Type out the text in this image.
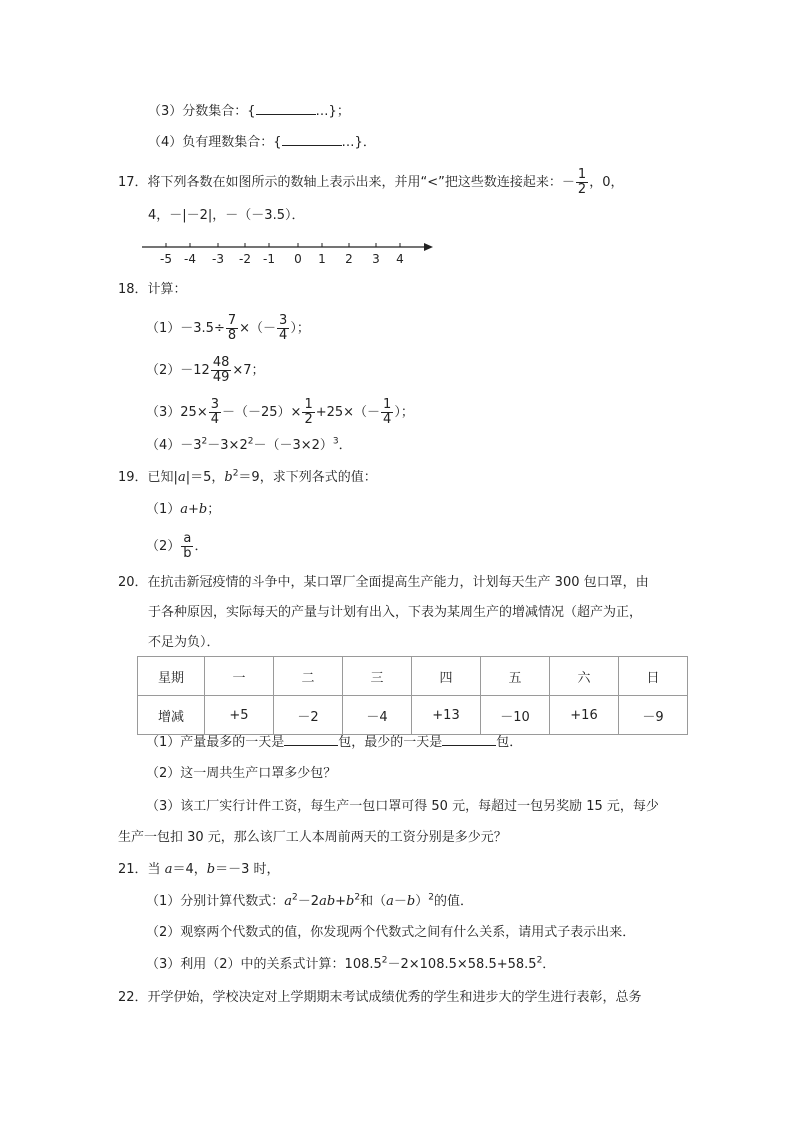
（3）分数集合：{	…}；
（4）负有理数集合：{	…}．
17．将下列各数在如图所示的数轴上表示出来，并用“<”把这些数连接起来：－ $\frac{1}{2}$ ，0，
4，－|－2|，－（－3.5）．
-5 -4 -3 -2 -1 0 1 2 3 4
18．计算：
$(1)-3.5\div \frac{7}{8}$ ×（－ $\frac{3}{4}$ ）；
$(2)-12 \frac{48}{49} \times 7$；
$(3)25\times \frac{3}{4} -(-25)\times \frac{1}{2} +25\times(- \frac{1}{4}$ ）；
$(4)-3^2-3\times 2^2-(-3\times 2)^3$．
19．已知|a|＝5，$b^2=9$，求下列各式的值：
（1）a+b；
$(2) \frac{a}{b}$ ．
20．在抗击新冠疫情的斗争中，某口罩厂全面提高生产能力，计划每天生产 300 包口罩，由
于各种原因，实际每天的产量与计划有出入，下表为某周生产的增减情况（超产为正，
不足为负）．
星期	一	二	三	四	五	六	日
增减	+5	－2	－4	+13	－10	+16	－9
（1）产量最多的一天是	包，最少的一天是	包．
（2）这一周共生产口罩多少包？
（3）该工厂实行计件工资，每生产一包口罩可得 50 元，每超过一包另奖励 15 元，每少
生产一包扣 30 元，那么该厂工人本周前两天的工资分别是多少元？
21．当 a＝4，b＝－3 时，
（1）分别计算代数式：$a^2-2ab+b^2$和$(a-b)^2$的值．
（2）观察两个代数式的值，你发现两个代数式之间有什么关系，请用式子表示出来．
（3）利用（2）中的关系式计算：$108.5^2-2\times 108.5\times 58.5+58.5^2$．
22．开学伊始，学校决定对上学期期末考试成绩优秀的学生和进步大的学生进行表彰，总务
